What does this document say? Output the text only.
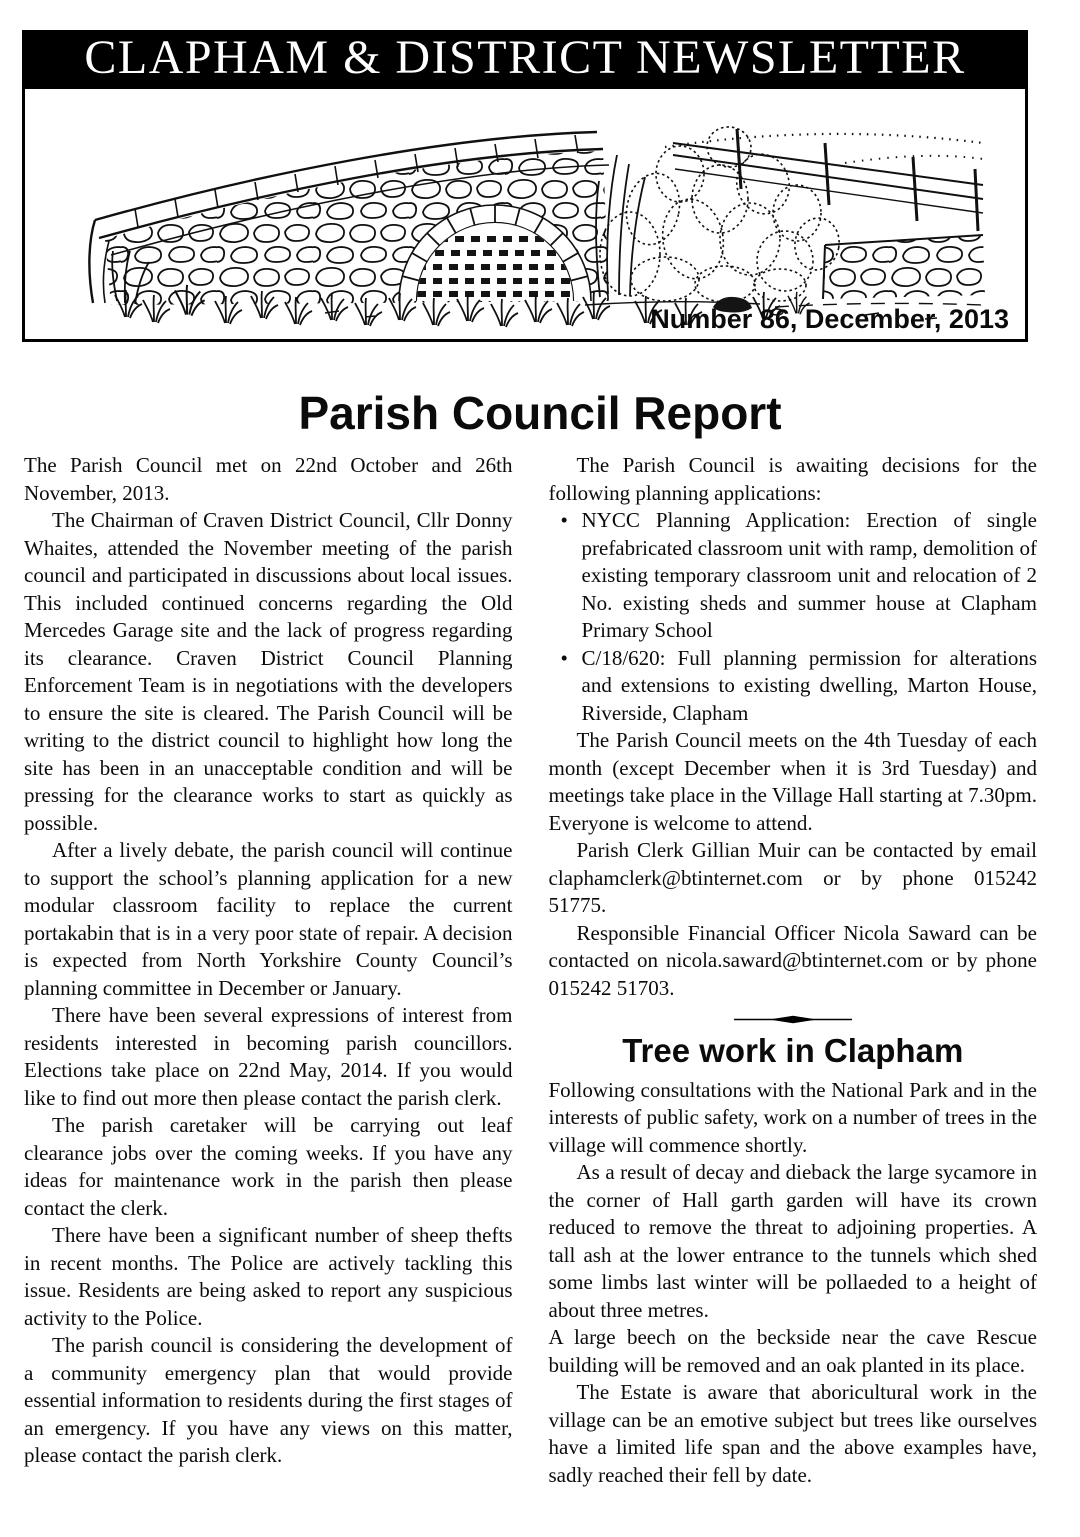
CLAPHAM & DISTRICT NEWSLETTER
Number 86, December, 2013
Parish Council Report

The Parish Council met on 22nd October and 26th November, 2013.

The Chairman of Craven District Council, Cllr Donny Whaites, attended the November meeting of the parish council and participated in discussions about local issues. This included continued concerns regarding the Old Mercedes Garage site and the lack of progress regarding its clearance. Craven District Council Planning Enforcement Team is in negotiations with the developers to ensure the site is cleared. The Parish Council will be writing to the district council to highlight how long the site has been in an unacceptable condition and will be pressing for the clearance works to start as quickly as possible.

After a lively debate, the parish council will continue to support the school’s planning application for a new modular classroom facility to replace the current portakabin that is in a very poor state of repair. A decision is expected from North Yorkshire County Council’s planning committee in December or January.

There have been several expressions of interest from residents interested in becoming parish councillors. Elections take place on 22nd May, 2014. If you would like to find out more then please contact the parish clerk.

The parish caretaker will be carrying out leaf clearance jobs over the coming weeks. If you have any ideas for maintenance work in the parish then please contact the clerk.

There have been a significant number of sheep thefts in recent months. The Police are actively tackling this issue. Residents are being asked to report any suspicious activity to the Police.

The parish council is considering the development of a community emergency plan that would provide essential information to residents during the first stages of an emergency. If you have any views on this matter, please contact the parish clerk.

The Parish Council is awaiting decisions for the following planning applications:

• NYCC Planning Application: Erection of single prefabricated classroom unit with ramp, demolition of existing temporary classroom unit and relocation of 2 No. existing sheds and summer house at Clapham Primary School
• C/18/620: Full planning permission for alterations and extensions to existing dwelling, Marton House, Riverside, Clapham

The Parish Council meets on the 4th Tuesday of each month (except December when it is 3rd Tuesday) and meetings take place in the Village Hall starting at 7.30pm. Everyone is welcome to attend.

Parish Clerk Gillian Muir can be contacted by email claphamclerk@btinternet.com or by phone 015242 51775.

Responsible Financial Officer Nicola Saward can be contacted on nicola.saward@btinternet.com or by phone 015242 51703.

Tree work in Clapham

Following consultations with the National Park and in the interests of public safety, work on a number of trees in the village will commence shortly.

As a result of decay and dieback the large sycamore in the corner of Hall garth garden will have its crown reduced to remove the threat to adjoining properties. A tall ash at the lower entrance to the tunnels which shed some limbs last winter will be pollaeded to a height of about three metres.

A large beech on the beckside near the cave Rescue building will be removed and an oak planted in its place.

The Estate is aware that aboricultural work in the village can be an emotive subject but trees like ourselves have a limited life span and the above examples have, sadly reached their fell by date.
